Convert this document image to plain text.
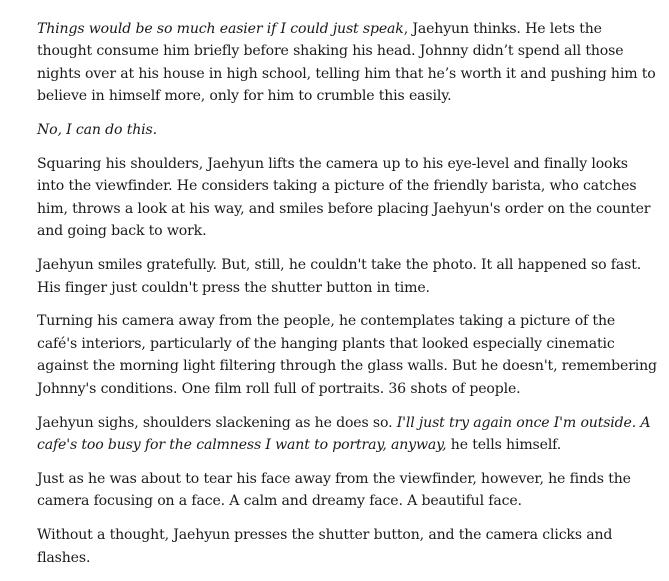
Things would be so much easier if I could just speak, Jaehyun thinks. He lets the thought consume him briefly before shaking his head. Johnny didn’t spend all those nights over at his house in high school, telling him that he’s worth it and pushing him to believe in himself more, only for him to crumble this easily.

No, I can do this.

Squaring his shoulders, Jaehyun lifts the camera up to his eye-level and finally looks into the viewfinder. He considers taking a picture of the friendly barista, who catches him, throws a look at his way, and smiles before placing Jaehyun's order on the counter and going back to work.

Jaehyun smiles gratefully. But, still, he couldn't take the photo. It all happened so fast. His finger just couldn't press the shutter button in time.

Turning his camera away from the people, he contemplates taking a picture of the café's interiors, particularly of the hanging plants that looked especially cinematic against the morning light filtering through the glass walls. But he doesn't, remembering Johnny's conditions. One film roll full of portraits. 36 shots of people.

Jaehyun sighs, shoulders slackening as he does so. I'll just try again once I'm outside. A cafe's too busy for the calmness I want to portray, anyway, he tells himself.

Just as he was about to tear his face away from the viewfinder, however, he finds the camera focusing on a face. A calm and dreamy face. A beautiful face.

Without a thought, Jaehyun presses the shutter button, and the camera clicks and flashes.
